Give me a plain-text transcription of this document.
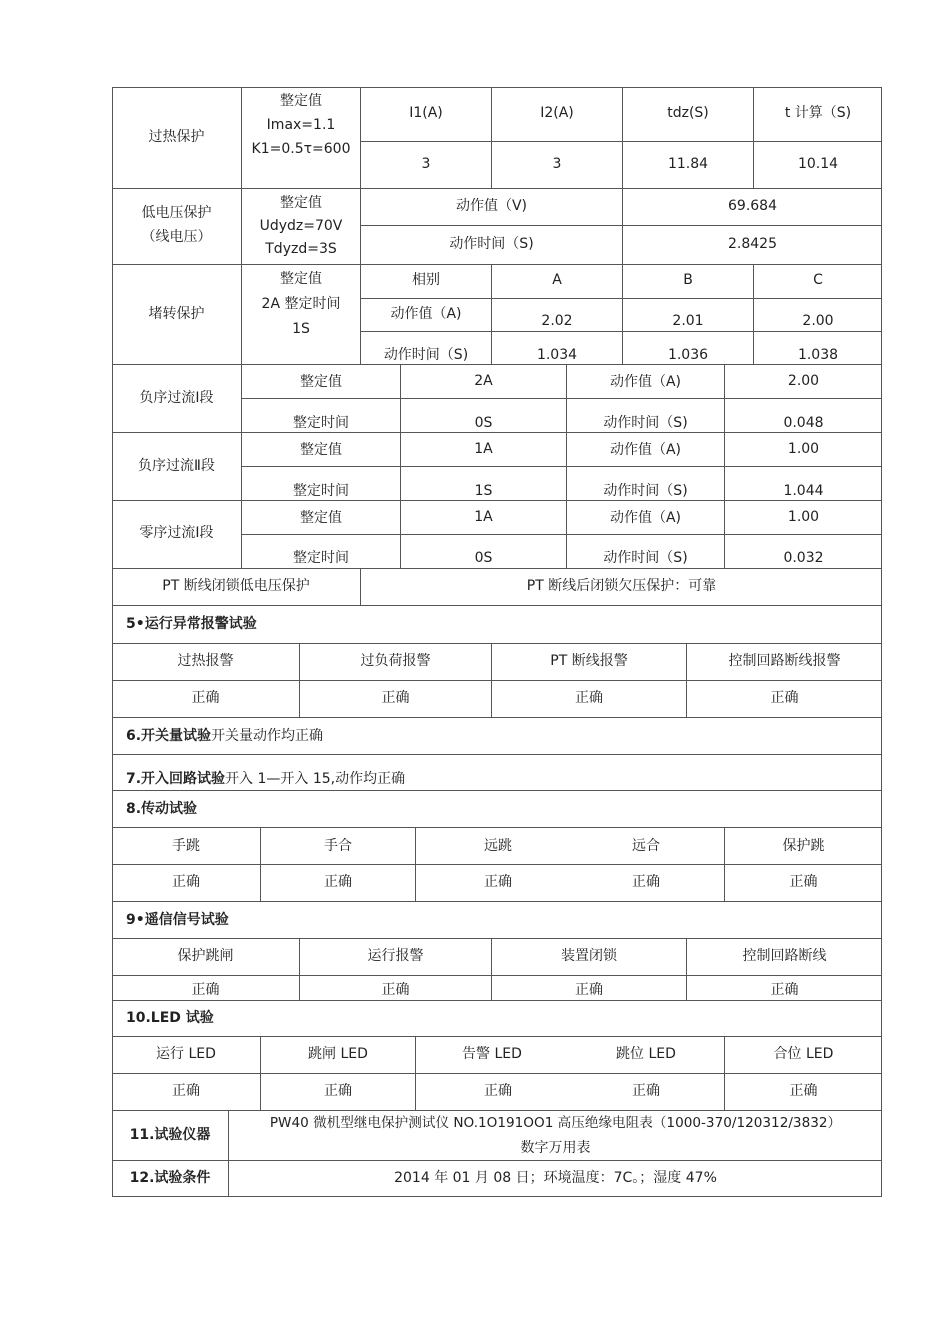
过热保护
整定值
Imax=1.1
K1=0.5τ=600
I1(A)	I2(A)	tdz(S)	t 计算（S)
3	3	11.84	10.14
低电压保护
（线电压）
整定值
Udydz=70V
Tdyzd=3S
动作值（V)	69.684
动作时间（S)	2.8425
堵转保护
整定值
2A 整定时间
1S
相别	A	B	C
动作值（A)	2.02	2.01	2.00
动作时间（S)	1.034	1.036	1.038
负序过流Ⅰ段
整定值	2A	动作值（A)	2.00
整定时间	0S	动作时间（S)	0.048
负序过流Ⅱ段
整定值	1A	动作值（A)	1.00
整定时间	1S	动作时间（S)	1.044
零序过流Ⅰ段
整定值	1A	动作值（A)	1.00
整定时间	0S	动作时间（S)	0.032
PT 断线闭锁低电压保护	PT 断线后闭锁欠压保护：可靠
5•运行异常报警试验
过热报警	过负荷报警	PT 断线报警	控制回路断线报警
正确	正确	正确	正确
6.开关量试验开关量动作均正确
7.开入回路试验开入 1—开入 15,动作均正确
8.传动试验
手跳	手合	远跳	远合	保护跳
正确	正确	正确	正确	正确
9•遥信信号试验
保护跳闸	运行报警	装置闭锁	控制回路断线
正确	正确	正确	正确
10.LED 试验
运行 LED	跳闸 LED	告警 LED	跳位 LED	合位 LED
正确	正确	正确	正确	正确
11.试验仪器
PW40 微机型继电保护测试仪 NO.1O191OO1 高压绝缘电阻表（1000-370/120312/3832）
数字万用表
12.试验条件	2014 年 01 月 08 日；环境温度：7C。；湿度 47%
